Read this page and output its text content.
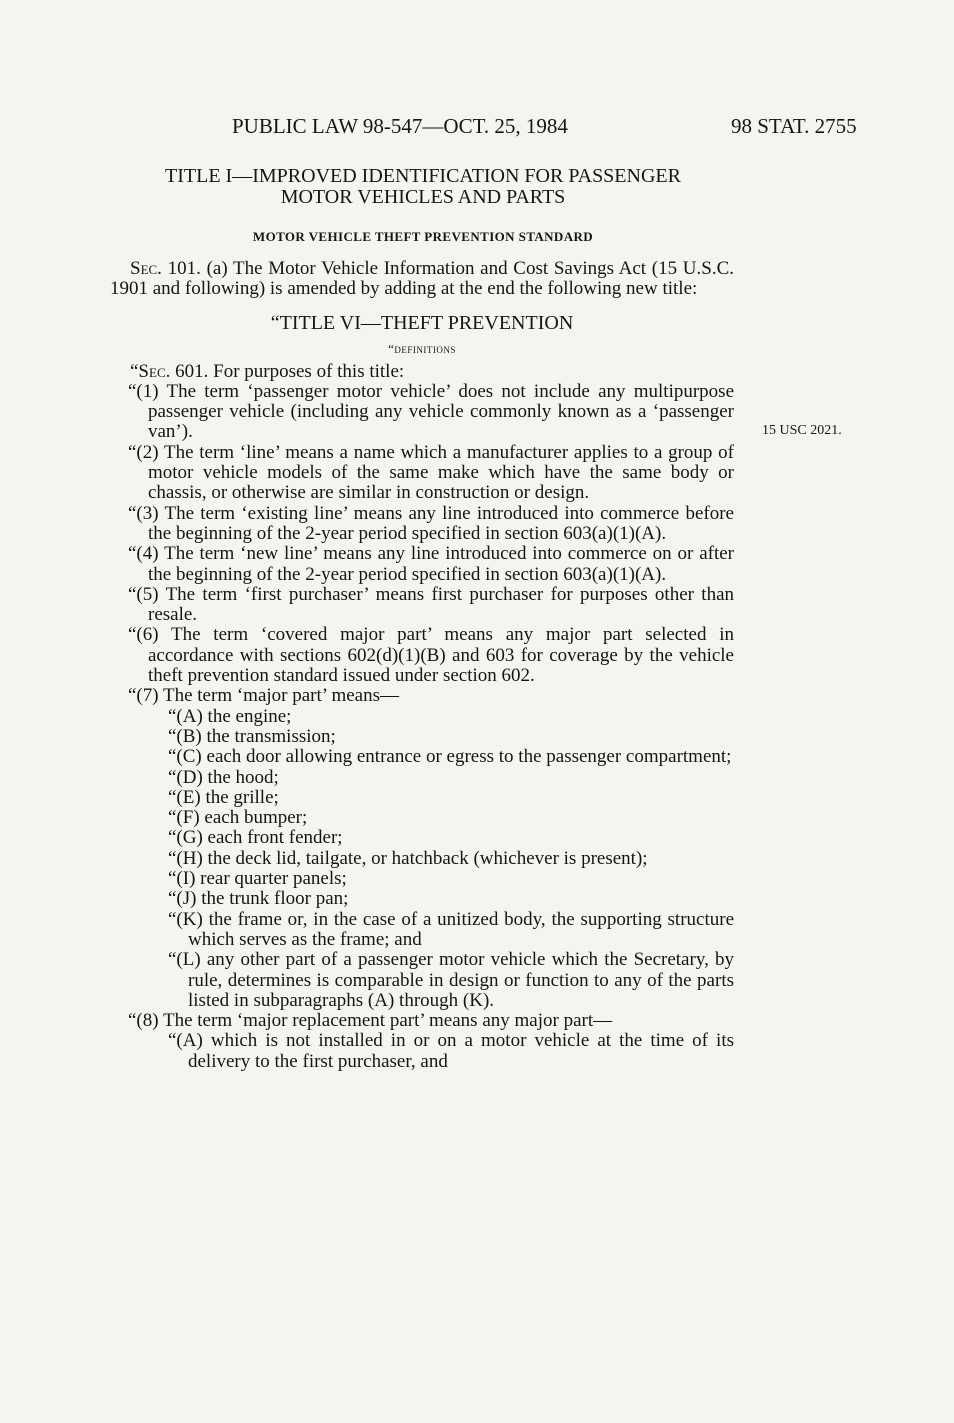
PUBLIC LAW 98-547—OCT. 25, 1984	98 STAT. 2755
TITLE I—IMPROVED IDENTIFICATION FOR PASSENGER
MOTOR VEHICLES AND PARTS
MOTOR VEHICLE THEFT PREVENTION STANDARD
15 USC 2021.

Sec. 101. (a) The Motor Vehicle Information and Cost Savings Act (15 U.S.C. 1901 and following) is amended by adding at the end the following new title:

“TITLE VI—THEFT PREVENTION

“definitions

“Sec. 601. For purposes of this title:

“(1) The term ‘passenger motor vehicle’ does not include any multipurpose passenger vehicle (including any vehicle commonly known as a ‘passenger van’).

“(2) The term ‘line’ means a name which a manufacturer applies to a group of motor vehicle models of the same make which have the same body or chassis, or otherwise are similar in construction or design.

“(3) The term ‘existing line’ means any line introduced into commerce before the beginning of the 2-year period specified in section 603(a)(1)(A).

“(4) The term ‘new line’ means any line introduced into commerce on or after the beginning of the 2-year period specified in section 603(a)(1)(A).

“(5) The term ‘first purchaser’ means first purchaser for purposes other than resale.

“(6) The term ‘covered major part’ means any major part selected in accordance with sections 602(d)(1)(B) and 603 for coverage by the vehicle theft prevention standard issued under section 602.

“(7) The term ‘major part’ means—

“(A) the engine;

“(B) the transmission;

“(C) each door allowing entrance or egress to the passenger compartment;

“(D) the hood;

“(E) the grille;

“(F) each bumper;

“(G) each front fender;

“(H) the deck lid, tailgate, or hatchback (whichever is present);

“(I) rear quarter panels;

“(J) the trunk floor pan;

“(K) the frame or, in the case of a unitized body, the supporting structure which serves as the frame; and

“(L) any other part of a passenger motor vehicle which the Secretary, by rule, determines is comparable in design or function to any of the parts listed in subparagraphs (A) through (K).

“(8) The term ‘major replacement part’ means any major part—

“(A) which is not installed in or on a motor vehicle at the time of its delivery to the first purchaser, and
